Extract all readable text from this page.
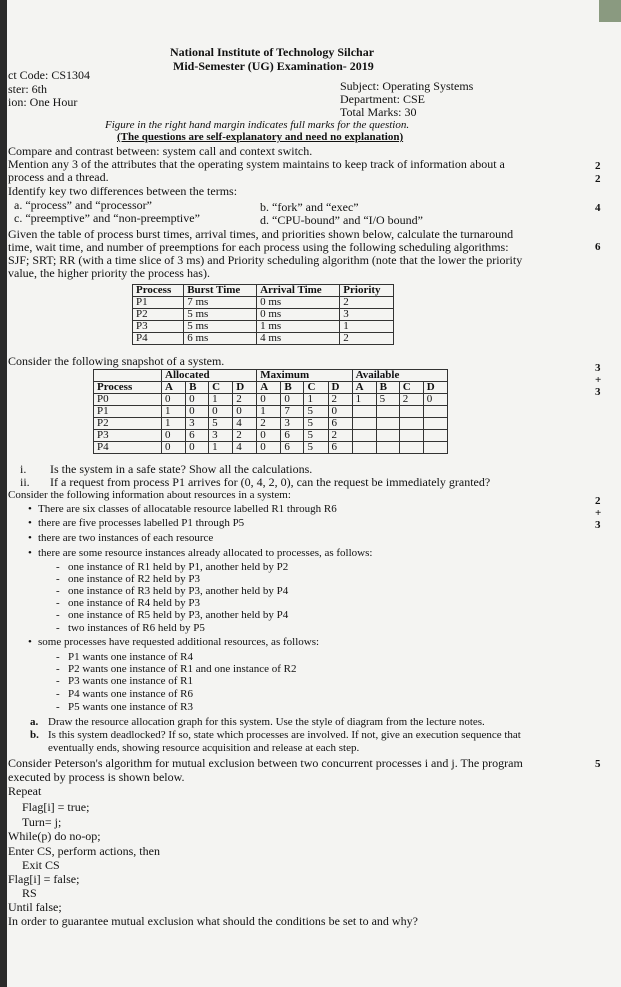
National Institute of Technology Silchar
Mid-Semester (UG) Examination- 2019
ct Code: CS1304
ster: 6th
ion: One Hour
Subject: Operating Systems
Department: CSE
Total Marks: 30
Figure in the right hand margin indicates full marks for the question.
(The questions are self-explanatory and need no explanation)
Compare and contrast between: system call and context switch.
Mention any 3 of the attributes that the operating system maintains to keep track of information about a
process and a thread.
2
2
Identify key two differences between the terms:
a. “process” and “processor”	b. “fork” and “exec”
c. “preemptive” and “non-preemptive”	d. “CPU-bound” and “I/O bound”
4
Given the table of process burst times, arrival times, and priorities shown below, calculate the turnaround
time, wait time, and number of preemptions for each process using the following scheduling algorithms:
SJF; SRT; RR (with a time slice of 3 ms) and Priority scheduling algorithm (note that the lower the priority
value, the higher priority the process has).
6
Process	Burst Time	Arrival Time	Priority
P1	7 ms	0 ms	2
P2	5 ms	0 ms	3
P3	5 ms	1 ms	1
P4	6 ms	4 ms	2
Consider the following snapshot of a system.	3
+
3
	Allocated				Maximum				Available			
Process	A	B	C	D	A	B	C	D	A	B	C	D
P0	0	0	1	2	0	0	1	2	1	5	2	0
P1	1	0	0	0	1	7	5	0				
P2	1	3	5	4	2	3	5	6				
P3	0	6	3	2	0	6	5	2				
P4	0	0	1	4	0	6	5	6				
i. Is the system in a safe state? Show all the calculations.
ii. If a request from process P1 arrives for (0, 4, 2, 0), can the request be immediately granted?
Consider the following information about resources in a system:	2
+
3
• There are six classes of allocatable resource labelled R1 through R6
• there are five processes labelled P1 through P5
• there are two instances of each resource
• there are some resource instances already allocated to processes, as follows:
- one instance of R1 held by P1, another held by P2
- one instance of R2 held by P3
- one instance of R3 held by P3, another held by P4
- one instance of R4 held by P3
- one instance of R5 held by P3, another held by P4
- two instances of R6 held by P5
• some processes have requested additional resources, as follows:
- P1 wants one instance of R4
- P2 wants one instance of R1 and one instance of R2
- P3 wants one instance of R1
- P4 wants one instance of R6
- P5 wants one instance of R3
a. Draw the resource allocation graph for this system. Use the style of diagram from the lecture notes.
b. Is this system deadlocked? If so, state which processes are involved. If not, give an execution sequence that
eventually ends, showing resource acquisition and release at each step.
Consider Peterson's algorithm for mutual exclusion between two concurrent processes i and j. The program
executed by process is shown below.
5
Repeat
Flag[i] = true;
Turn= j;
While(p) do no-op;
Enter CS, perform actions, then
Exit CS
Flag[i] = false;
RS
Until false;
In order to guarantee mutual exclusion what should the conditions be set to and why?
